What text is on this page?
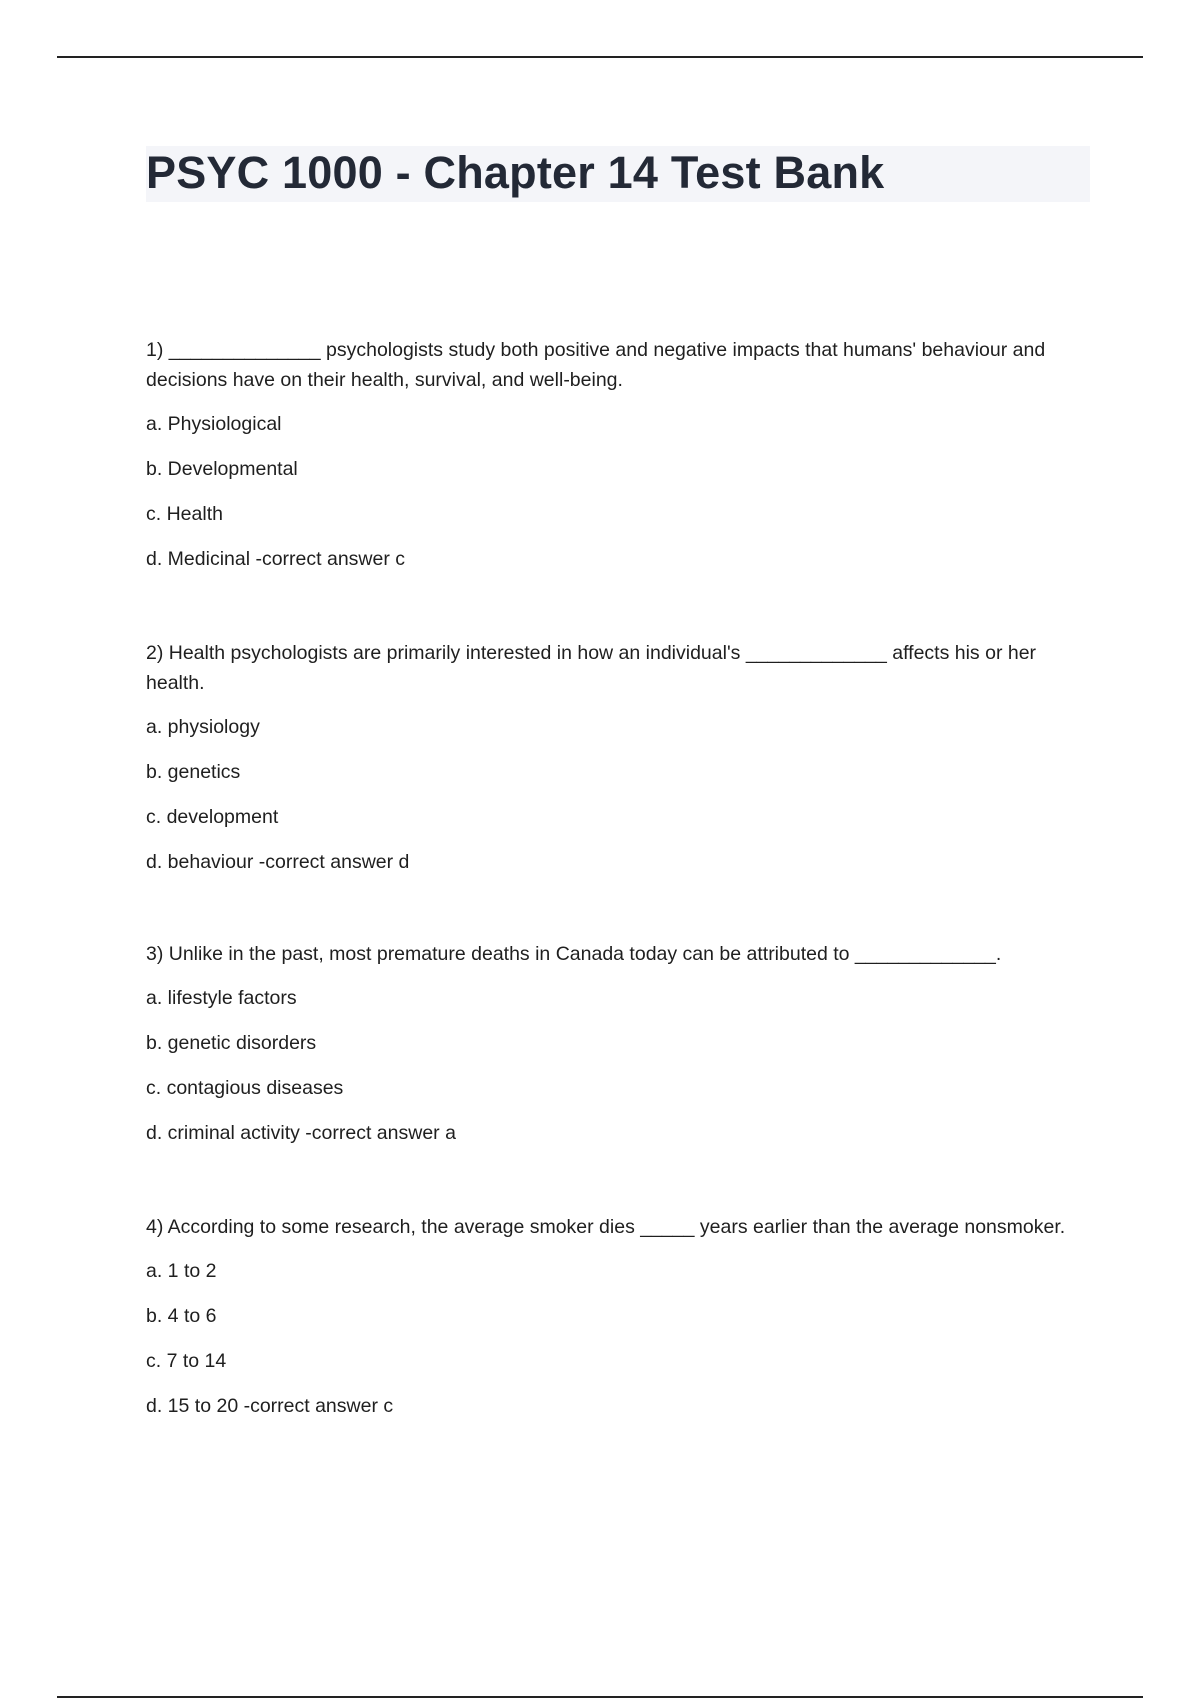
PSYC 1000 - Chapter 14 Test Bank

1) ______________ psychologists study both positive and negative impacts that humans' behaviour and decisions have on their health, survival, and well-being.

a. Physiological

b. Developmental

c. Health

d. Medicinal -correct answer c

2) Health psychologists are primarily interested in how an individual's _____________ affects his or her health.

a. physiology

b. genetics

c. development

d. behaviour -correct answer d

3) Unlike in the past, most premature deaths in Canada today can be attributed to _____________.

a. lifestyle factors

b. genetic disorders

c. contagious diseases

d. criminal activity -correct answer a

4) According to some research, the average smoker dies _____ years earlier than the average nonsmoker.

a. 1 to 2

b. 4 to 6

c. 7 to 14

d. 15 to 20 -correct answer c
